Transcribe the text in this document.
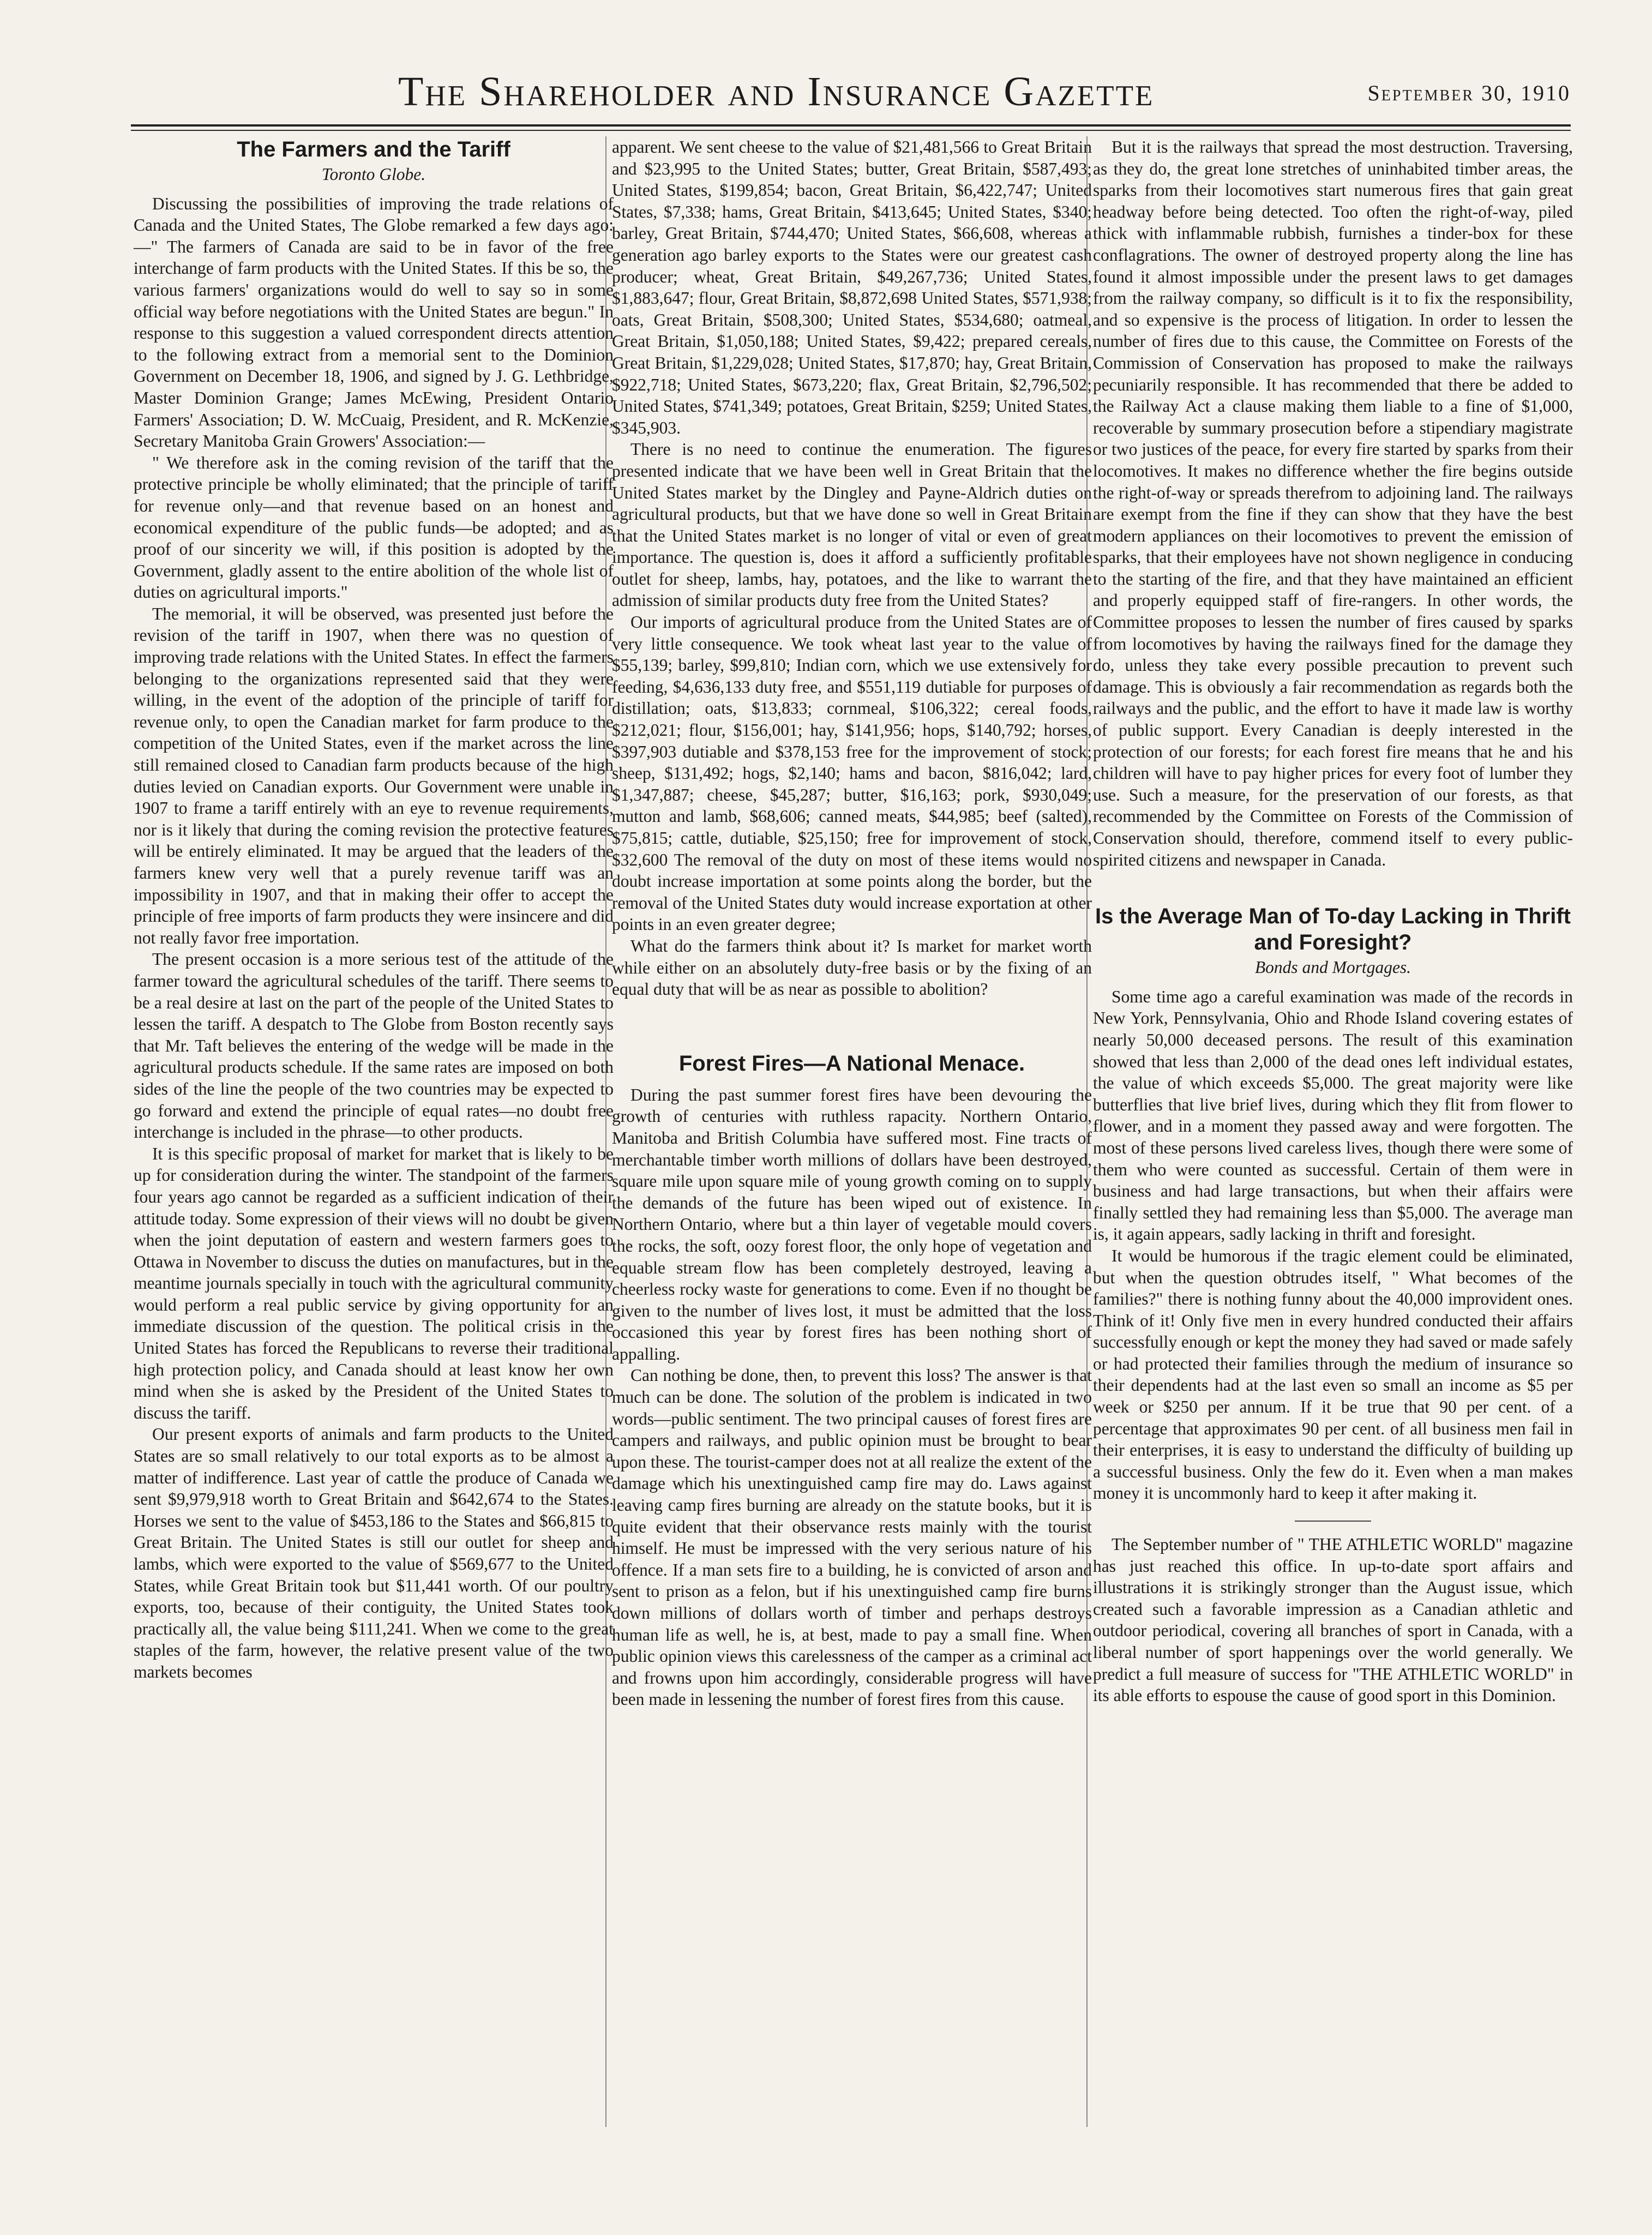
The Shareholder and Insurance Gazette	September 30, 1910
The Farmers and the Tariff
Toronto Globe.

Discussing the possibilities of improving the trade relations of Canada and the United States, The Globe remarked a few days ago:—" The farmers of Canada are said to be in favor of the free interchange of farm products with the United States. If this be so, the various farmers' organizations would do well to say so in some official way before negotiations with the United States are begun." In response to this suggestion a valued correspondent directs attention to the following extract from a memorial sent to the Dominion Government on December 18, 1906, and signed by J. G. Lethbridge, Master Dominion Grange; James McEwing, President Ontario Farmers' Association; D. W. McCuaig, President, and R. McKenzie, Secretary Manitoba Grain Growers' Association:—

" We therefore ask in the coming revision of the tariff that the protective principle be wholly eliminated; that the principle of tariff for revenue only—and that revenue based on an honest and economical expenditure of the public funds—be adopted; and as proof of our sincerity we will, if this position is adopted by the Government, gladly assent to the entire abolition of the whole list of duties on agricultural imports."

The memorial, it will be observed, was presented just before the revision of the tariff in 1907, when there was no question of improving trade relations with the United States. In effect the farmers belonging to the organizations represented said that they were willing, in the event of the adoption of the principle of tariff for revenue only, to open the Canadian market for farm produce to the competition of the United States, even if the market across the line still remained closed to Canadian farm products because of the high duties levied on Canadian exports. Our Government were unable in 1907 to frame a tariff entirely with an eye to revenue requirements, nor is it likely that during the coming revision the protective features will be entirely eliminated. It may be argued that the leaders of the farmers knew very well that a purely revenue tariff was an impossibility in 1907, and that in making their offer to accept the principle of free imports of farm products they were insincere and did not really favor free importation.

The present occasion is a more serious test of the attitude of the farmer toward the agricultural schedules of the tariff. There seems to be a real desire at last on the part of the people of the United States to lessen the tariff. A despatch to The Globe from Boston recently says that Mr. Taft believes the entering of the wedge will be made in the agricultural products schedule. If the same rates are imposed on both sides of the line the people of the two countries may be expected to go forward and extend the principle of equal rates—no doubt free interchange is included in the phrase—to other products.

It is this specific proposal of market for market that is likely to be up for consideration during the winter. The standpoint of the farmers four years ago cannot be regarded as a sufficient indication of their attitude today. Some expression of their views will no doubt be given when the joint deputation of eastern and western farmers goes to Ottawa in November to discuss the duties on manufactures, but in the meantime journals specially in touch with the agricultural community would perform a real public service by giving opportunity for an immediate discussion of the question. The political crisis in the United States has forced the Republicans to reverse their traditional high protection policy, and Canada should at least know her own mind when she is asked by the President of the United States to discuss the tariff.

Our present exports of animals and farm products to the United States are so small relatively to our total exports as to be almost a matter of indifference. Last year of cattle the produce of Canada we sent $9,979,918 worth to Great Britain and $642,674 to the States. Horses we sent to the value of $453,186 to the States and $66,815 to Great Britain. The United States is still our outlet for sheep and lambs, which were exported to the value of $569,677 to the United States, while Great Britain took but $11,441 worth. Of our poultry exports, too, because of their contiguity, the United States took practically all, the value being $111,241. When we come to the great staples of the farm, however, the relative present value of the two markets becomes

apparent. We sent cheese to the value of $21,481,566 to Great Britain and $23,995 to the United States; butter, Great Britain, $587,493; United States, $199,854; bacon, Great Britain, $6,422,747; United States, $7,338; hams, Great Britain, $413,645; United States, $340; barley, Great Britain, $744,470; United States, $66,608, whereas a generation ago barley exports to the States were our greatest cash producer; wheat, Great Britain, $49,267,736; United States, $1,883,647; flour, Great Britain, $8,872,698 United States, $571,938; oats, Great Britain, $508,300; United States, $534,680; oatmeal, Great Britain, $1,050,188; United States, $9,422; prepared cereals, Great Britain, $1,229,028; United States, $17,870; hay, Great Britain, $922,718; United States, $673,220; flax, Great Britain, $2,796,502; United States, $741,349; potatoes, Great Britain, $259; United States, $345,903.

There is no need to continue the enumeration. The figures presented indicate that we have been well in Great Britain that the United States market by the Dingley and Payne-Aldrich duties on agricultural products, but that we have done so well in Great Britain that the United States market is no longer of vital or even of great importance. The question is, does it afford a sufficiently profitable outlet for sheep, lambs, hay, potatoes, and the like to warrant the admission of similar products duty free from the United States?

Our imports of agricultural produce from the United States are of very little consequence. We took wheat last year to the value of $55,139; barley, $99,810; Indian corn, which we use extensively for feeding, $4,636,133 duty free, and $551,119 dutiable for purposes of distillation; oats, $13,833; cornmeal, $106,322; cereal foods, $212,021; flour, $156,001; hay, $141,956; hops, $140,792; horses, $397,903 dutiable and $378,153 free for the improvement of stock; sheep, $131,492; hogs, $2,140; hams and bacon, $816,042; lard, $1,347,887; cheese, $45,287; butter, $16,163; pork, $930,049; mutton and lamb, $68,606; canned meats, $44,985; beef (salted), $75,815; cattle, dutiable, $25,150; free for improvement of stock, $32,600 The removal of the duty on most of these items would no doubt increase importation at some points along the border, but the removal of the United States duty would increase exportation at other points in an even greater degree;

What do the farmers think about it? Is market for market worth while either on an absolutely duty-free basis or by the fixing of an equal duty that will be as near as possible to abolition?

Forest Fires—A National Menace.

During the past summer forest fires have been devouring the growth of centuries with ruthless rapacity. Northern Ontario, Manitoba and British Columbia have suffered most. Fine tracts of merchantable timber worth millions of dollars have been destroyed, square mile upon square mile of young growth coming on to supply the demands of the future has been wiped out of existence. In Northern Ontario, where but a thin layer of vegetable mould covers the rocks, the soft, oozy forest floor, the only hope of vegetation and equable stream flow has been completely destroyed, leaving a cheerless rocky waste for generations to come. Even if no thought be given to the number of lives lost, it must be admitted that the loss occasioned this year by forest fires has been nothing short of appalling.

Can nothing be done, then, to prevent this loss? The answer is that much can be done. The solution of the problem is indicated in two words—public sentiment. The two principal causes of forest fires are campers and railways, and public opinion must be brought to bear upon these. The tourist-camper does not at all realize the extent of the damage which his unextinguished camp fire may do. Laws against leaving camp fires burning are already on the statute books, but it is quite evident that their observance rests mainly with the tourist himself. He must be impressed with the very serious nature of his offence. If a man sets fire to a building, he is convicted of arson and sent to prison as a felon, but if his unextinguished camp fire burns down millions of dollars worth of timber and perhaps destroys human life as well, he is, at best, made to pay a small fine. When public opinion views this carelessness of the camper as a criminal act and frowns upon him accordingly, considerable progress will have been made in lessening the number of forest fires from this cause.

But it is the railways that spread the most destruction. Traversing, as they do, the great lone stretches of uninhabited timber areas, the sparks from their locomotives start numerous fires that gain great headway before being detected. Too often the right-of-way, piled thick with inflammable rubbish, furnishes a tinder-box for these conflagrations. The owner of destroyed property along the line has found it almost impossible under the present laws to get damages from the railway company, so difficult is it to fix the responsibility, and so expensive is the process of litigation. In order to lessen the number of fires due to this cause, the Committee on Forests of the Commission of Conservation has proposed to make the railways pecuniarily responsible. It has recommended that there be added to the Railway Act a clause making them liable to a fine of $1,000, recoverable by summary prosecution before a stipendiary magistrate or two justices of the peace, for every fire started by sparks from their locomotives. It makes no difference whether the fire begins outside the right-of-way or spreads therefrom to adjoining land. The railways are exempt from the fine if they can show that they have the best modern appliances on their locomotives to prevent the emission of sparks, that their employees have not shown negligence in conducing to the starting of the fire, and that they have maintained an efficient and properly equipped staff of fire-rangers. In other words, the Committee proposes to lessen the number of fires caused by sparks from locomotives by having the railways fined for the damage they do, unless they take every possible precaution to prevent such damage. This is obviously a fair recommendation as regards both the railways and the public, and the effort to have it made law is worthy of public support. Every Canadian is deeply interested in the protection of our forests; for each forest fire means that he and his children will have to pay higher prices for every foot of lumber they use. Such a measure, for the preservation of our forests, as that recommended by the Committee on Forests of the Commission of Conservation should, therefore, commend itself to every public-spirited citizens and newspaper in Canada.

Is the Average Man of To-day Lacking in Thrift and Foresight?
Bonds and Mortgages.

Some time ago a careful examination was made of the records in New York, Pennsylvania, Ohio and Rhode Island covering estates of nearly 50,000 deceased persons. The result of this examination showed that less than 2,000 of the dead ones left individual estates, the value of which exceeds $5,000. The great majority were like butterflies that live brief lives, during which they flit from flower to flower, and in a moment they passed away and were forgotten. The most of these persons lived careless lives, though there were some of them who were counted as successful. Certain of them were in business and had large transactions, but when their affairs were finally settled they had remaining less than $5,000. The average man is, it again appears, sadly lacking in thrift and foresight.

It would be humorous if the tragic element could be eliminated, but when the question obtrudes itself, " What becomes of the families?" there is nothing funny about the 40,000 improvident ones. Think of it! Only five men in every hundred conducted their affairs successfully enough or kept the money they had saved or made safely or had protected their families through the medium of insurance so their dependents had at the last even so small an income as $5 per week or $250 per annum. If it be true that 90 per cent. of a percentage that approximates 90 per cent. of all business men fail in their enterprises, it is easy to understand the difficulty of building up a successful business. Only the few do it. Even when a man makes money it is uncommonly hard to keep it after making it.

The September number of " THE ATHLETIC WORLD" magazine has just reached this office. In up-to-date sport affairs and illustrations it is strikingly stronger than the August issue, which created such a favorable impression as a Canadian athletic and outdoor periodical, covering all branches of sport in Canada, with a liberal number of sport happenings over the world generally. We predict a full measure of success for "THE ATHLETIC WORLD" in its able efforts to espouse the cause of good sport in this Dominion.
